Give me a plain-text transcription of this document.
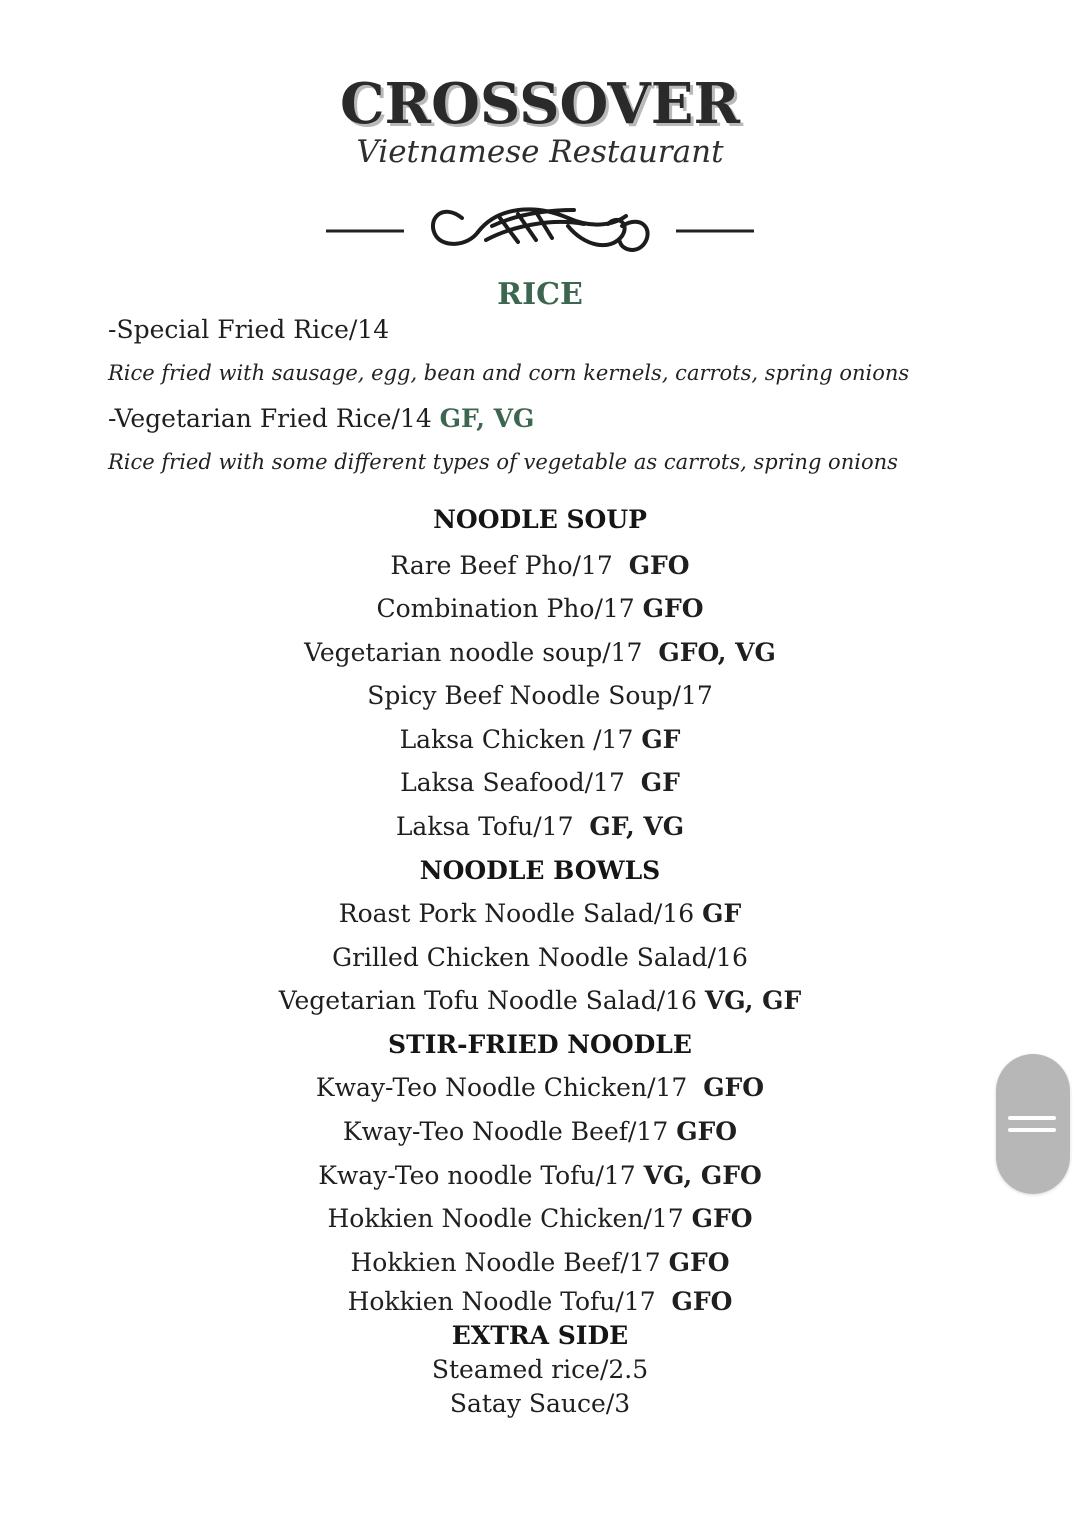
CROSSOVER
Vietnamese Restaurant
RICE
-Special Fried Rice/14
Rice fried with sausage, egg, bean and corn kernels, carrots, spring onions
-Vegetarian Fried Rice/14 GF, VG
Rice fried with some different types of vegetable as carrots, spring onions
NOODLE SOUP
Rare Beef Pho/17  GFO
Combination Pho/17 GFO
Vegetarian noodle soup/17  GFO, VG
Spicy Beef Noodle Soup/17
Laksa Chicken /17 GF
Laksa Seafood/17  GF
Laksa Tofu/17  GF, VG
NOODLE BOWLS
Roast Pork Noodle Salad/16 GF
Grilled Chicken Noodle Salad/16
Vegetarian Tofu Noodle Salad/16 VG, GF
STIR-FRIED NOODLE
Kway-Teo Noodle Chicken/17  GFO
Kway-Teo Noodle Beef/17 GFO
Kway-Teo noodle Tofu/17 VG, GFO
Hokkien Noodle Chicken/17 GFO
Hokkien Noodle Beef/17 GFO
Hokkien Noodle Tofu/17  GFO
EXTRA SIDE
Steamed rice/2.5
Satay Sauce/3
